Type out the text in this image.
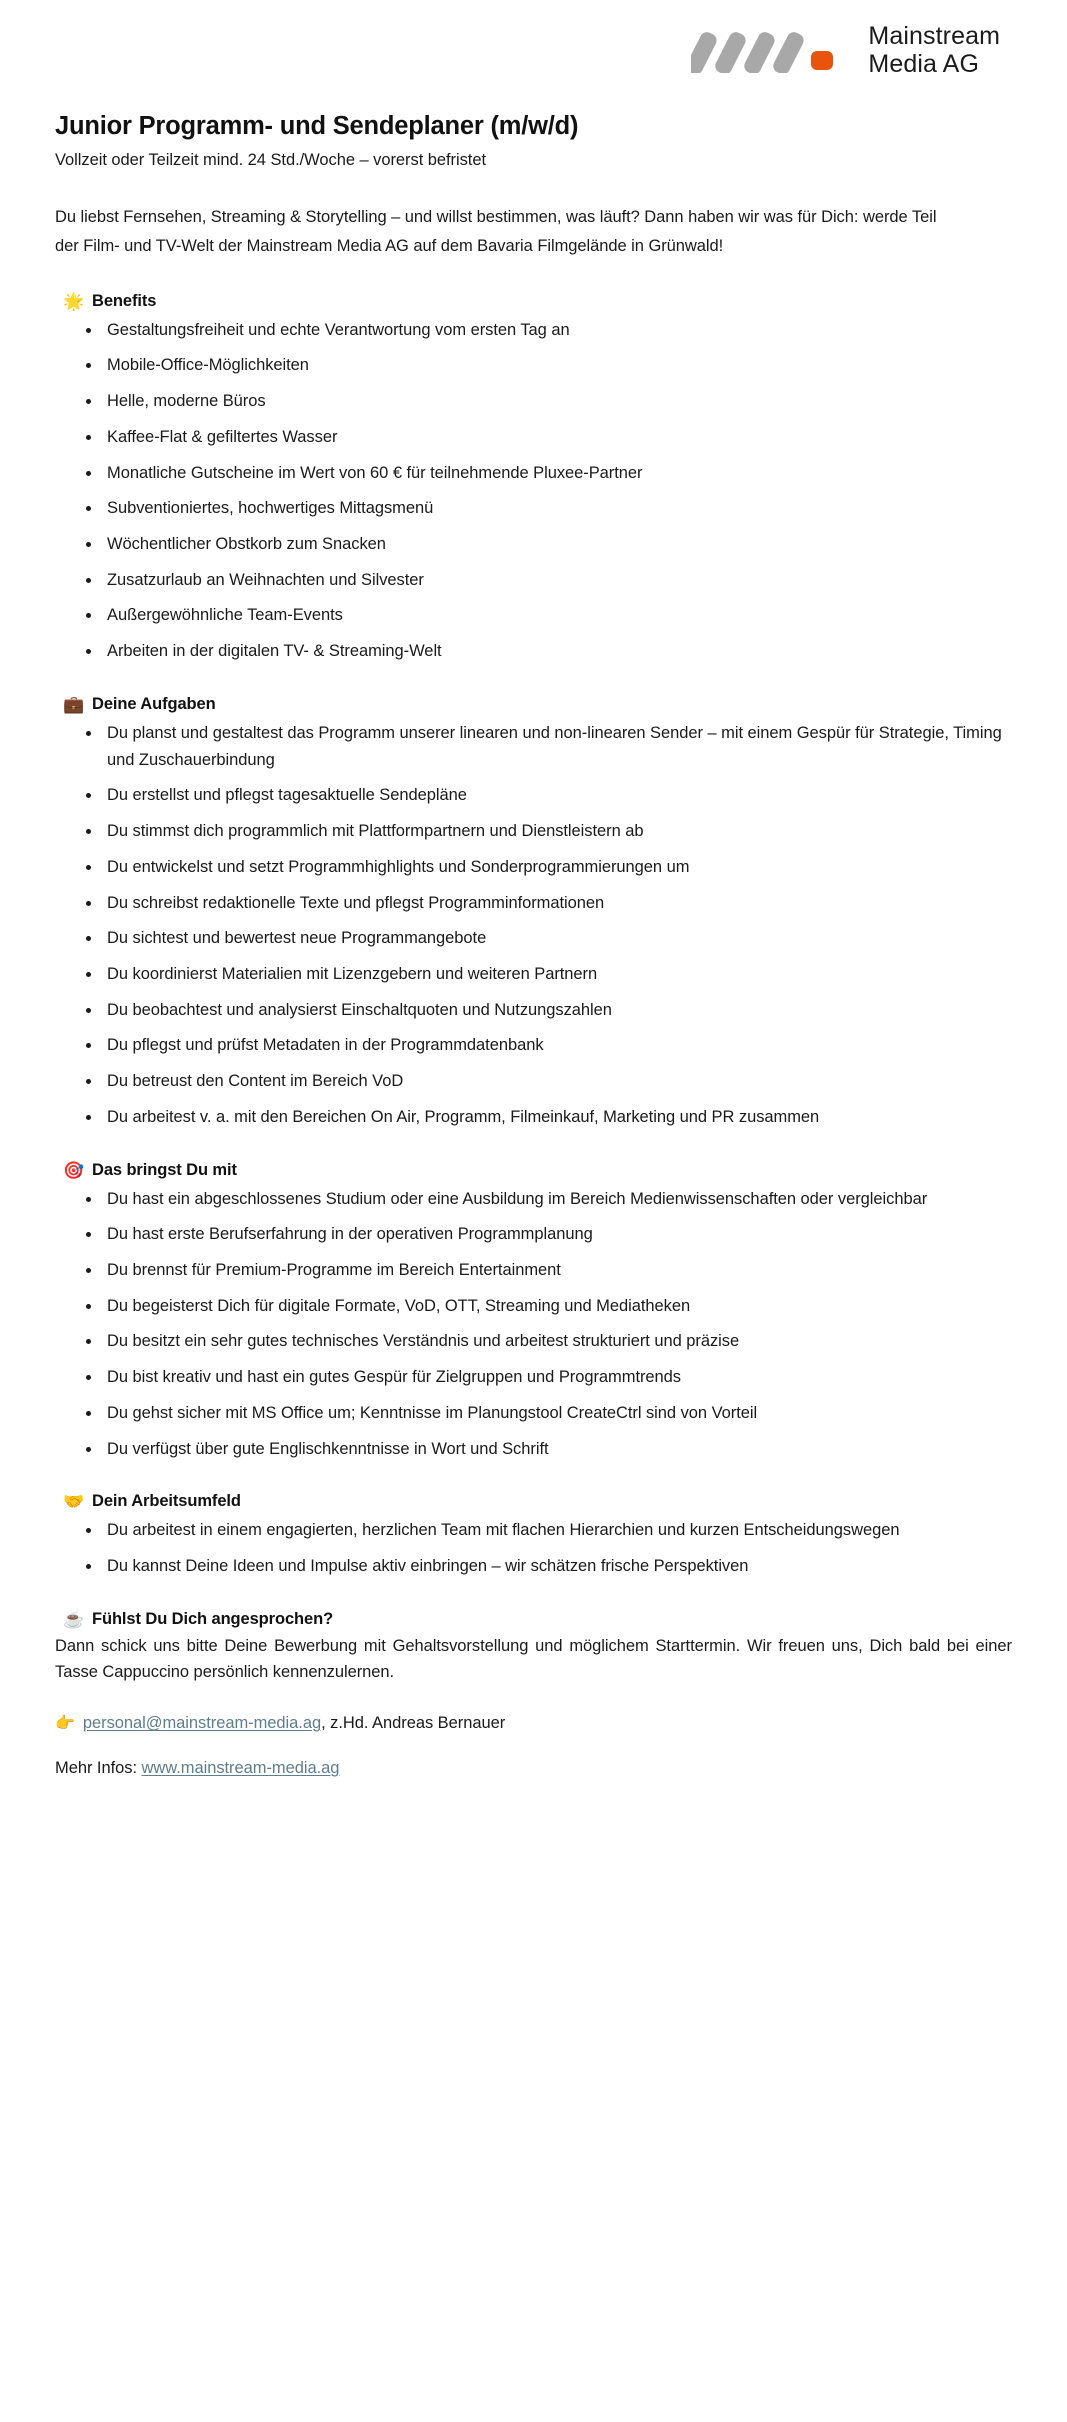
Mainstream
Media AG
Junior Programm- und Sendeplaner (m/w/d)

Vollzeit oder Teilzeit mind. 24 Std./Woche – vorerst befristet

Du liebst Fernsehen, Streaming & Storytelling – und willst bestimmen, was läuft? Dann haben wir was für Dich: werde Teil der Film- und TV-Welt der Mainstream Media AG auf dem Bavaria Filmgelände in Grünwald!

🌟 Benefits
Gestaltungsfreiheit und echte Verantwortung vom ersten Tag an
Mobile-Office-Möglichkeiten
Helle, moderne Büros
Kaffee-Flat & gefiltertes Wasser
Monatliche Gutscheine im Wert von 60 € für teilnehmende Pluxee-Partner
Subventioniertes, hochwertiges Mittagsmenü
Wöchentlicher Obstkorb zum Snacken
Zusatzurlaub an Weihnachten und Silvester
Außergewöhnliche Team-Events
Arbeiten in der digitalen TV- & Streaming-Welt
💼 Deine Aufgaben
Du planst und gestaltest das Programm unserer linearen und non-linearen Sender – mit einem Gespür für Strategie, Timing und Zuschauerbindung
Du erstellst und pflegst tagesaktuelle Sendepläne
Du stimmst dich programmlich mit Plattformpartnern und Dienstleistern ab
Du entwickelst und setzt Programmhighlights und Sonderprogrammierungen um
Du schreibst redaktionelle Texte und pflegst Programminformationen
Du sichtest und bewertest neue Programmangebote
Du koordinierst Materialien mit Lizenzgebern und weiteren Partnern
Du beobachtest und analysierst Einschaltquoten und Nutzungszahlen
Du pflegst und prüfst Metadaten in der Programmdatenbank
Du betreust den Content im Bereich VoD
Du arbeitest v. a. mit den Bereichen On Air, Programm, Filmeinkauf, Marketing und PR zusammen
🎯 Das bringst Du mit
Du hast ein abgeschlossenes Studium oder eine Ausbildung im Bereich Medienwissenschaften oder vergleichbar
Du hast erste Berufserfahrung in der operativen Programmplanung
Du brennst für Premium-Programme im Bereich Entertainment
Du begeisterst Dich für digitale Formate, VoD, OTT, Streaming und Mediatheken
Du besitzt ein sehr gutes technisches Verständnis und arbeitest strukturiert und präzise
Du bist kreativ und hast ein gutes Gespür für Zielgruppen und Programmtrends
Du gehst sicher mit MS Office um; Kenntnisse im Planungstool CreateCtrl sind von Vorteil
Du verfügst über gute Englischkenntnisse in Wort und Schrift
🤝 Dein Arbeitsumfeld
Du arbeitest in einem engagierten, herzlichen Team mit flachen Hierarchien und kurzen Entscheidungswegen
Du kannst Deine Ideen und Impulse aktiv einbringen – wir schätzen frische Perspektiven
☕ Fühlst Du Dich angesprochen?

Dann schick uns bitte Deine Bewerbung mit Gehaltsvorstellung und möglichem Starttermin. Wir freuen uns, Dich bald bei einer Tasse Cappuccino persönlich kennenzulernen.

👉 personal@mainstream-media.ag, z.Hd. Andreas Bernauer
Mehr Infos: www.mainstream-media.ag
